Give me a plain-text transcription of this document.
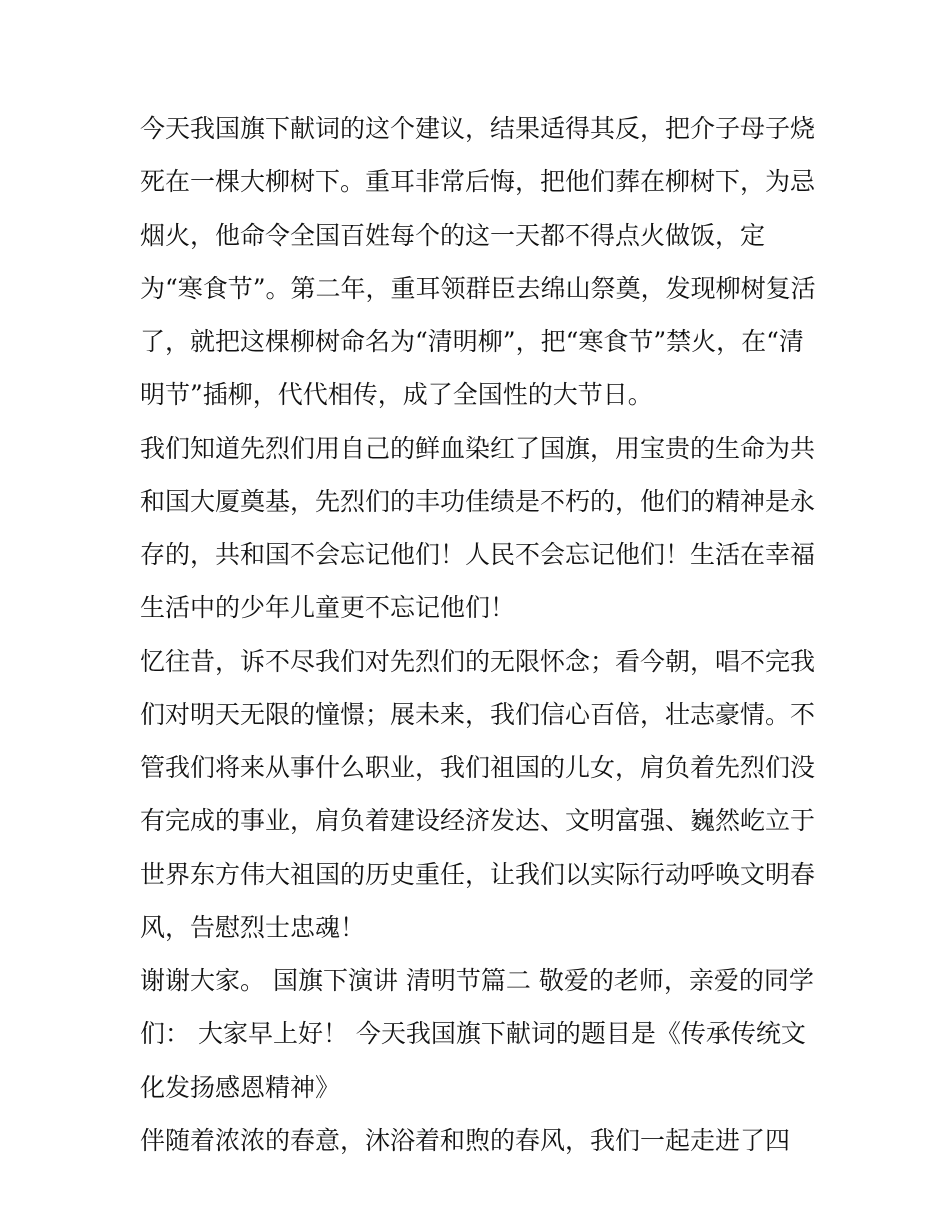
今天我国旗下献词的这个建议，结果适得其反，把介子母子烧
死在一棵大柳树下。重耳非常后悔，把他们葬在柳树下，为忌
烟火，他命令全国百姓每个的这一天都不得点火做饭，定
为“寒食节”。第二年，重耳领群臣去绵山祭奠，发现柳树复活
了，就把这棵柳树命名为“清明柳”，把“寒食节”禁火，在“清
明节”插柳，代代相传，成了全国性的大节日。
我们知道先烈们用自己的鲜血染红了国旗，用宝贵的生命为共
和国大厦奠基，先烈们的丰功佳绩是不朽的，他们的精神是永
存的，共和国不会忘记他们！人民不会忘记他们！生活在幸福
生活中的少年儿童更不忘记他们！
忆往昔，诉不尽我们对先烈们的无限怀念；看今朝，唱不完我
们对明天无限的憧憬；展未来，我们信心百倍，壮志豪情。不
管我们将来从事什么职业，我们祖国的儿女，肩负着先烈们没
有完成的事业，肩负着建设经济发达、文明富强、巍然屹立于
世界东方伟大祖国的历史重任，让我们以实际行动呼唤文明春
风，告慰烈士忠魂！
谢谢大家。 国旗下演讲 清明节篇二 敬爱的老师，亲爱的同学
们： 大家早上好！ 今天我国旗下献词的题目是《传承传统文
化发扬感恩精神》
伴随着浓浓的春意，沐浴着和煦的春风，我们一起走进了四
